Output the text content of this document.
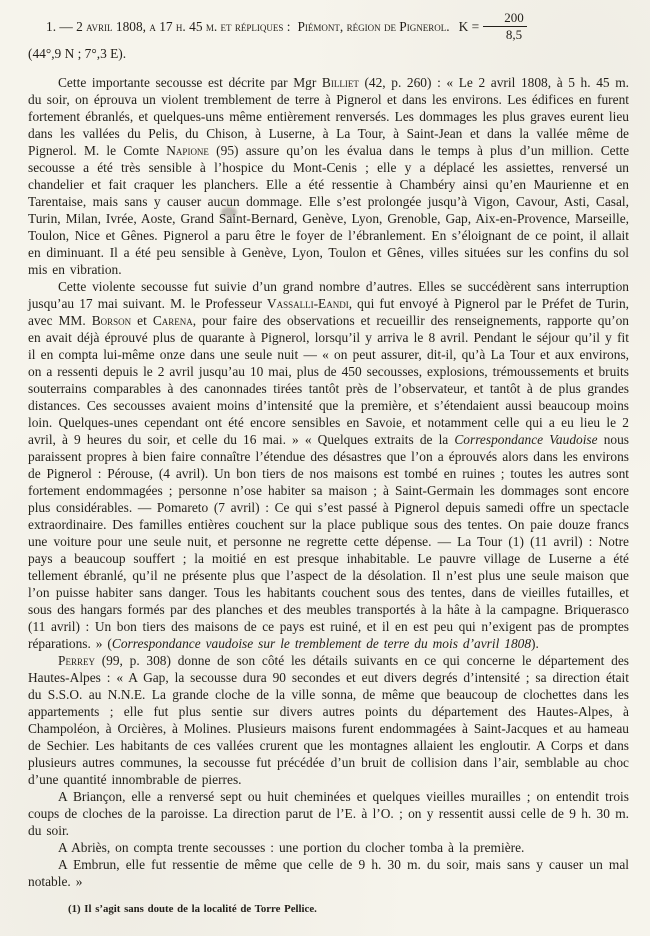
1. — 2 avril 1808, a 17 h. 45 m. et répliques : Piémont, région de Pignerol. $K = \frac{200}{8,5}$
(44°,9 N ; 7°,3 E).

Cette importante secousse est décrite par Mgr Billiet (42, p. 260) : « Le 2 avril 1808, à 5 h. 45 m. du soir, on éprouva un violent tremblement de terre à Pignerol et dans les environs. Les édifices en furent fortement ébranlés, et quelques-uns même entièrement renversés. Les dommages les plus graves eurent lieu dans les vallées du Pelis, du Chison, à Luserne, à La Tour, à Saint-Jean et dans la vallée même de Pignerol. M. le Comte Napione (95) assure qu’on les évalua dans le temps à plus d’un million. Cette secousse a été très sensible à l’hospice du Mont-Cenis ; elle y a déplacé les assiettes, renversé un chandelier et fait craquer les planchers. Elle a été ressentie à Chambéry ainsi qu’en Maurienne et en Tarentaise, mais sans y causer aucun dommage. Elle s’est prolongée jusqu’à Vigon, Cavour, Asti, Casal, Turin, Milan, Ivrée, Aoste, Grand Saint-Bernard, Genève, Lyon, Grenoble, Gap, Aix-en-Provence, Marseille, Toulon, Nice et Gênes. Pignerol a paru être le foyer de l’ébranlement. En s’éloignant de ce point, il allait en diminuant. Il a été peu sensible à Genève, Lyon, Toulon et Gênes, villes situées sur les confins du sol mis en vibration.

Cette violente secousse fut suivie d’un grand nombre d’autres. Elles se succédèrent sans interruption jusqu’au 17 mai suivant. M. le Professeur Vassalli-Eandi, qui fut envoyé à Pignerol par le Préfet de Turin, avec MM. Borson et Carena, pour faire des observations et recueillir des renseignements, rapporte qu’on en avait déjà éprouvé plus de quarante à Pignerol, lorsqu’il y arriva le 8 avril. Pendant le séjour qu’il y fit il en compta lui-même onze dans une seule nuit — « on peut assurer, dit-il, qu’à La Tour et aux environs, on a ressenti depuis le 2 avril jusqu’au 10 mai, plus de 450 secousses, explosions, trémoussements et bruits souterrains comparables à des canonnades tirées tantôt près de l’observateur, et tantôt à de plus grandes distances. Ces secousses avaient moins d’intensité que la première, et s’étendaient aussi beaucoup moins loin. Quelques-unes cependant ont été encore sensibles en Savoie, et notamment celle qui a eu lieu le 2 avril, à 9 heures du soir, et celle du 16 mai. » « Quelques extraits de la Correspondance Vaudoise nous paraissent propres à bien faire connaître l’étendue des désastres que l’on a éprouvés alors dans les environs de Pignerol : Pérouse, (4 avril). Un bon tiers de nos maisons est tombé en ruines ; toutes les autres sont fortement endommagées ; personne n’ose habiter sa maison ; à Saint-Germain les dommages sont encore plus considérables. — Pomareto (7 avril) : Ce qui s’est passé à Pignerol depuis samedi offre un spectacle extraordinaire. Des familles entières couchent sur la place publique sous des tentes. On paie douze francs une voiture pour une seule nuit, et personne ne regrette cette dépense. — La Tour (1) (11 avril) : Notre pays a beaucoup souffert ; la moitié en est presque inhabitable. Le pauvre village de Luserne a été tellement ébranlé, qu’il ne présente plus que l’aspect de la désolation. Il n’est plus une seule maison que l’on puisse habiter sans danger. Tous les habitants couchent sous des tentes, dans de vieilles futailles, et sous des hangars formés par des planches et des meubles transportés à la hâte à la campagne. Briquerasco (11 avril) : Un bon tiers des maisons de ce pays est ruiné, et il en est peu qui n’exigent pas de promptes réparations. » (Correspondance vaudoise sur le tremblement de terre du mois d’avril 1808).

Perrey (99, p. 308) donne de son côté les détails suivants en ce qui concerne le département des Hautes-Alpes : « A Gap, la secousse dura 90 secondes et eut divers degrés d’intensité ; sa direction était du S.S.O. au N.N.E. La grande cloche de la ville sonna, de même que beaucoup de clochettes dans les appartements ; elle fut plus sentie sur divers autres points du département des Hautes-Alpes, à Champoléon, à Orcières, à Molines. Plusieurs maisons furent endommagées à Saint-Jacques et au hameau de Sechier. Les habitants de ces vallées crurent que les montagnes allaient les engloutir. A Corps et dans plusieurs autres communes, la secousse fut précédée d’un bruit de collision dans l’air, semblable au choc d’une quantité innombrable de pierres.

A Briançon, elle a renversé sept ou huit cheminées et quelques vieilles murailles ; on entendit trois coups de cloches de la paroisse. La direction parut de l’E. à l’O. ; on y ressentit aussi celle de 9 h. 30 m. du soir.

A Abriès, on compta trente secousses : une portion du clocher tomba à la première.

A Embrun, elle fut ressentie de même que celle de 9 h. 30 m. du soir, mais sans y causer un mal notable. »

(1) Il s’agit sans doute de la localité de Torre Pellice.
